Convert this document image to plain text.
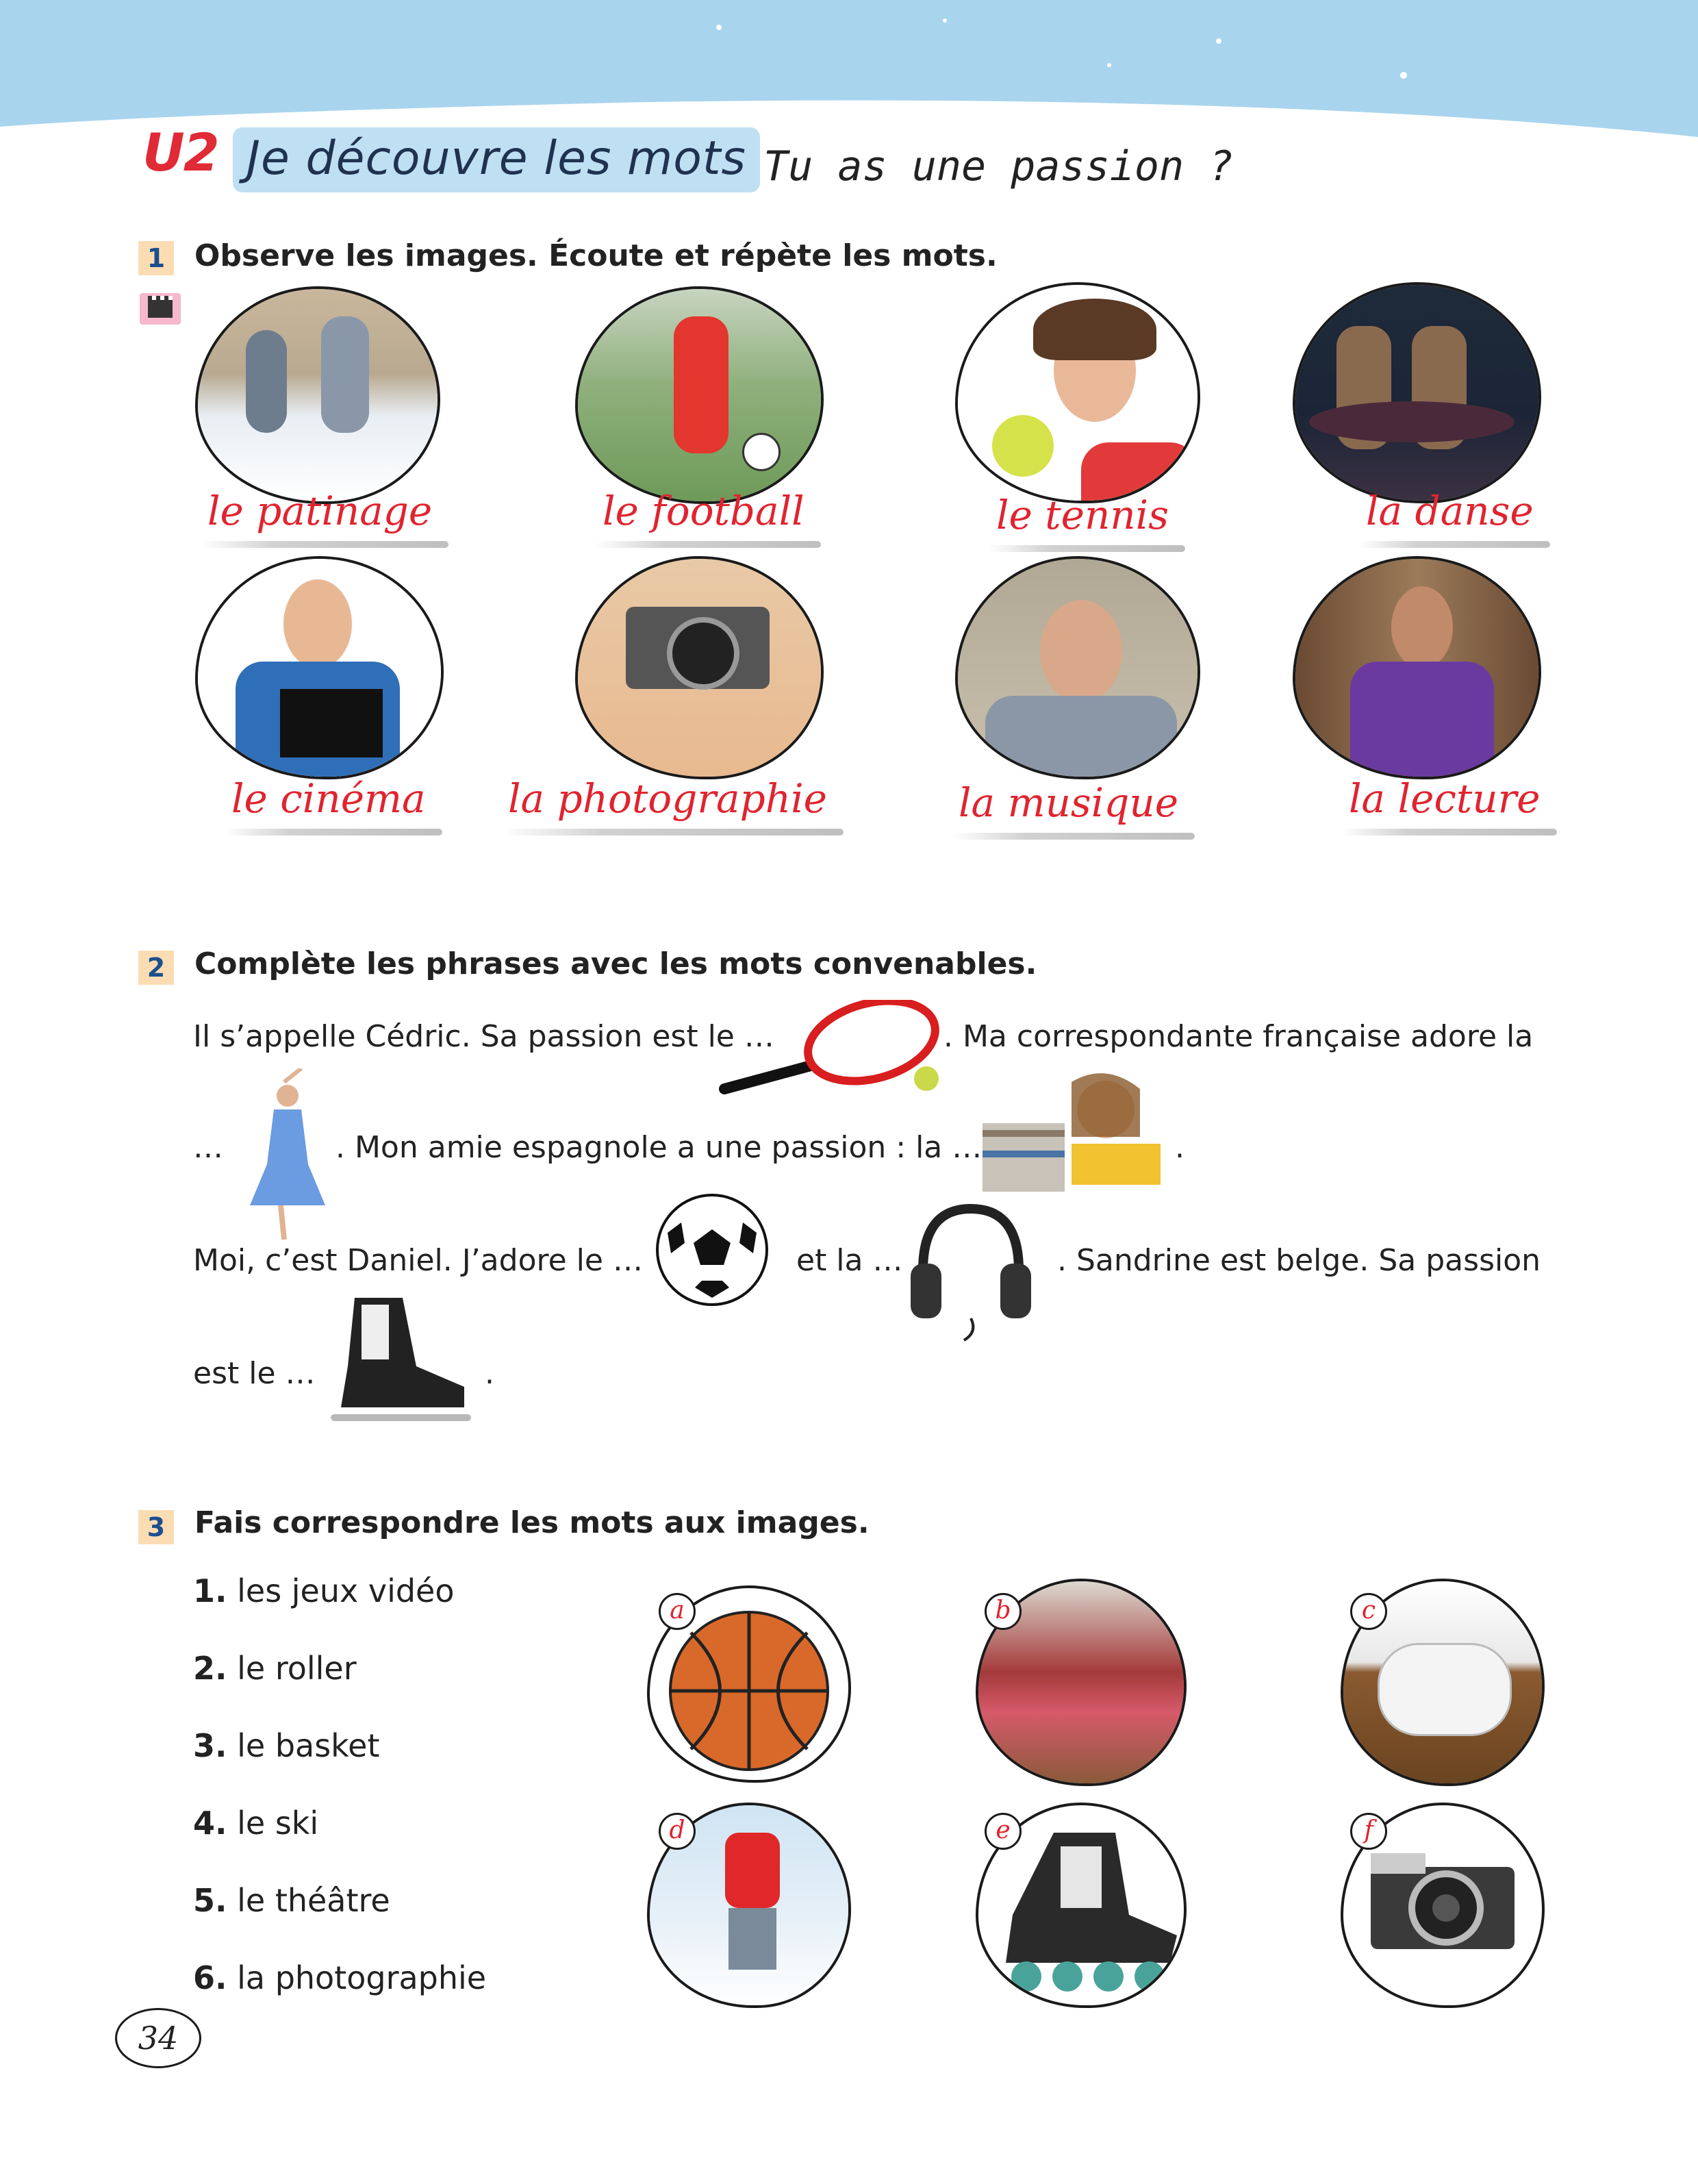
U2 Je découvre les mots Tu as une passion ?
1 Observe les images. Écoute et répète les mots.
le patinage	le football	le tennis	la danse
le cinéma la photographie	la musique	la lecture
2 Complète les phrases avec les mots convenables.
Il s’appelle Cédric. Sa passion est le …	. Ma correspondante française adore la
…	. Mon amie espagnole a une passion : la …	.
Moi, c’est Daniel. J’adore le …	et la …	. Sandrine est belge. Sa passion
est le …	.
3 Fais correspondre les mots aux images.
1. les jeux vidéo
2. le roller
3. le basket
4. le ski
5. le théâtre
6. la photographie
a	b	c
d	e	f
34
